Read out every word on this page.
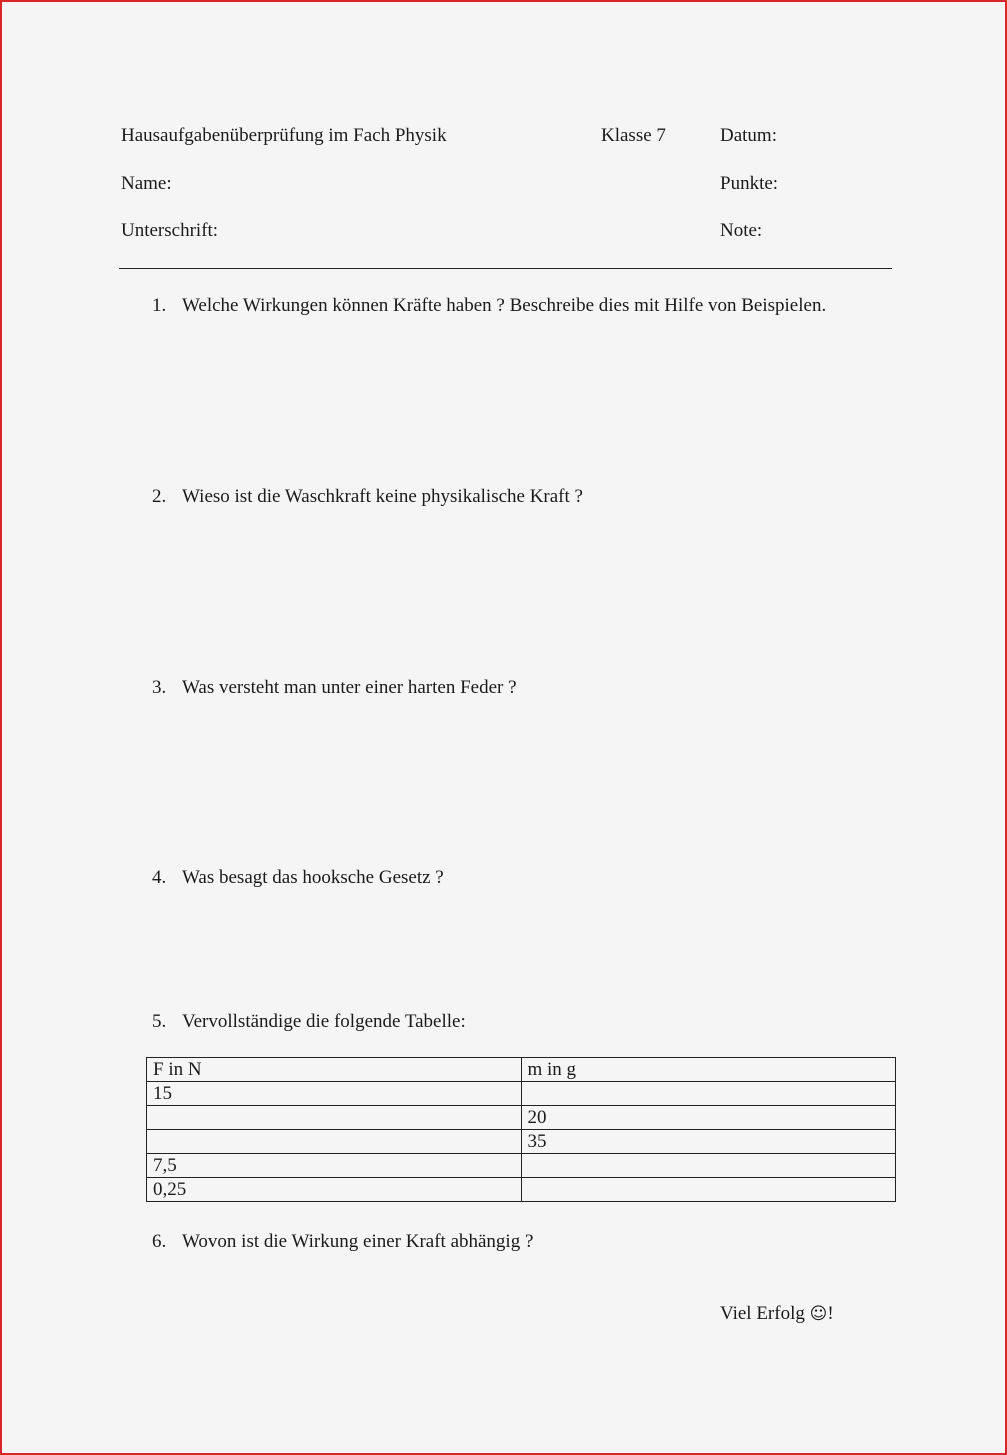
Hausaufgabenüberprüfung im Fach Physik	Klasse 7	Datum:
Name:	Punkte:
Unterschrift:	Note:
1. Welche Wirkungen können Kräfte haben ? Beschreibe dies mit Hilfe von Beispielen.
2. Wieso ist die Waschkraft keine physikalische Kraft ?
3. Was versteht man unter einer harten Feder ?
4. Was besagt das hooksche Gesetz ?
5. Vervollständige die folgende Tabelle:
F in N	m in g
15	
	20
	35
7,5	
0,25	
6. Wovon ist die Wirkung einer Kraft abhängig ?
Viel Erfolg ☺!
